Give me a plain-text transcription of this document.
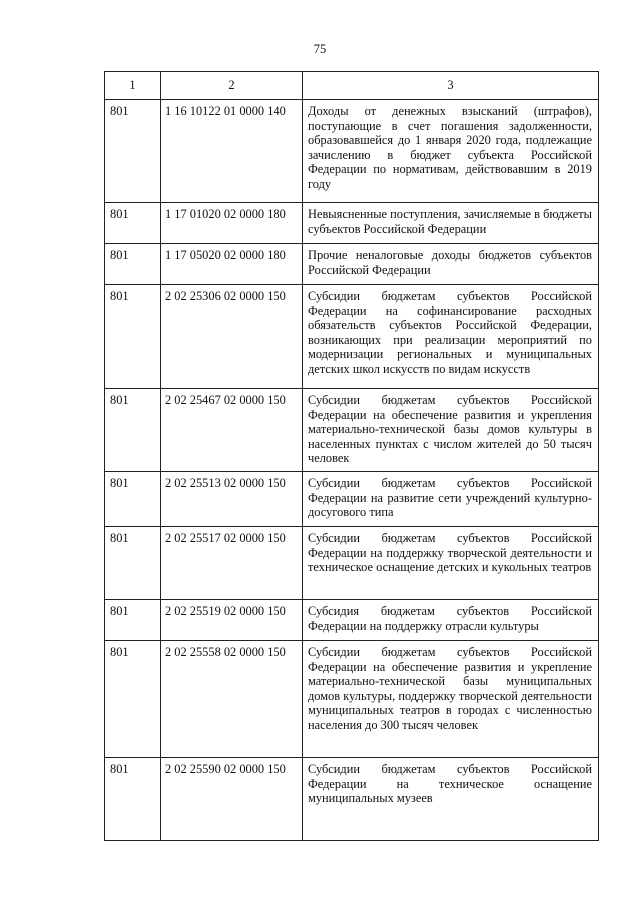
75
1	2	3
801	1 16 10122 01 0000 140	Доходы от денежных взысканий (штрафов), поступающие в счет погашения задолженности, образовавшейся до 1 января 2020 года, подлежащие зачислению в бюджет субъекта Российской Федерации по нормативам, действовавшим в 2019 году
801	1 17 01020 02 0000 180	Невыясненные поступления, зачисляемые в бюджеты субъектов Российской Федерации
801	1 17 05020 02 0000 180	Прочие неналоговые доходы бюджетов субъектов Российской Федерации
801	2 02 25306 02 0000 150	Субсидии бюджетам субъектов Российской Федерации на софинансирование расходных обязательств субъектов Российской Федерации, возникающих при реализации мероприятий по модернизации региональных и муниципальных детских школ искусств по видам искусств
801	2 02 25467 02 0000 150	Субсидии бюджетам субъектов Российской Федерации на обеспечение развития и укрепления материально-технической базы домов культуры в населенных пунктах с числом жителей до 50 тысяч человек
801	2 02 25513 02 0000 150	Субсидии бюджетам субъектов Российской Федерации на развитие сети учреждений культурно-досугового типа
801	2 02 25517 02 0000 150	Субсидии бюджетам субъектов Российской Федерации на поддержку творческой деятельности и техническое оснащение детских и кукольных театров
801	2 02 25519 02 0000 150	Субсидия бюджетам субъектов Российской Федерации на поддержку отрасли культуры
801	2 02 25558 02 0000 150	Субсидии бюджетам субъектов Российской Федерации на обеспечение развития и укрепление материально-технической базы муниципальных домов культуры, поддержку творческой деятельности муниципальных театров в городах с численностью населения до 300 тысяч человек
801	2 02 25590 02 0000 150	Субсидии бюджетам субъектов Российской Федерации на техническое оснащение муниципальных музеев
